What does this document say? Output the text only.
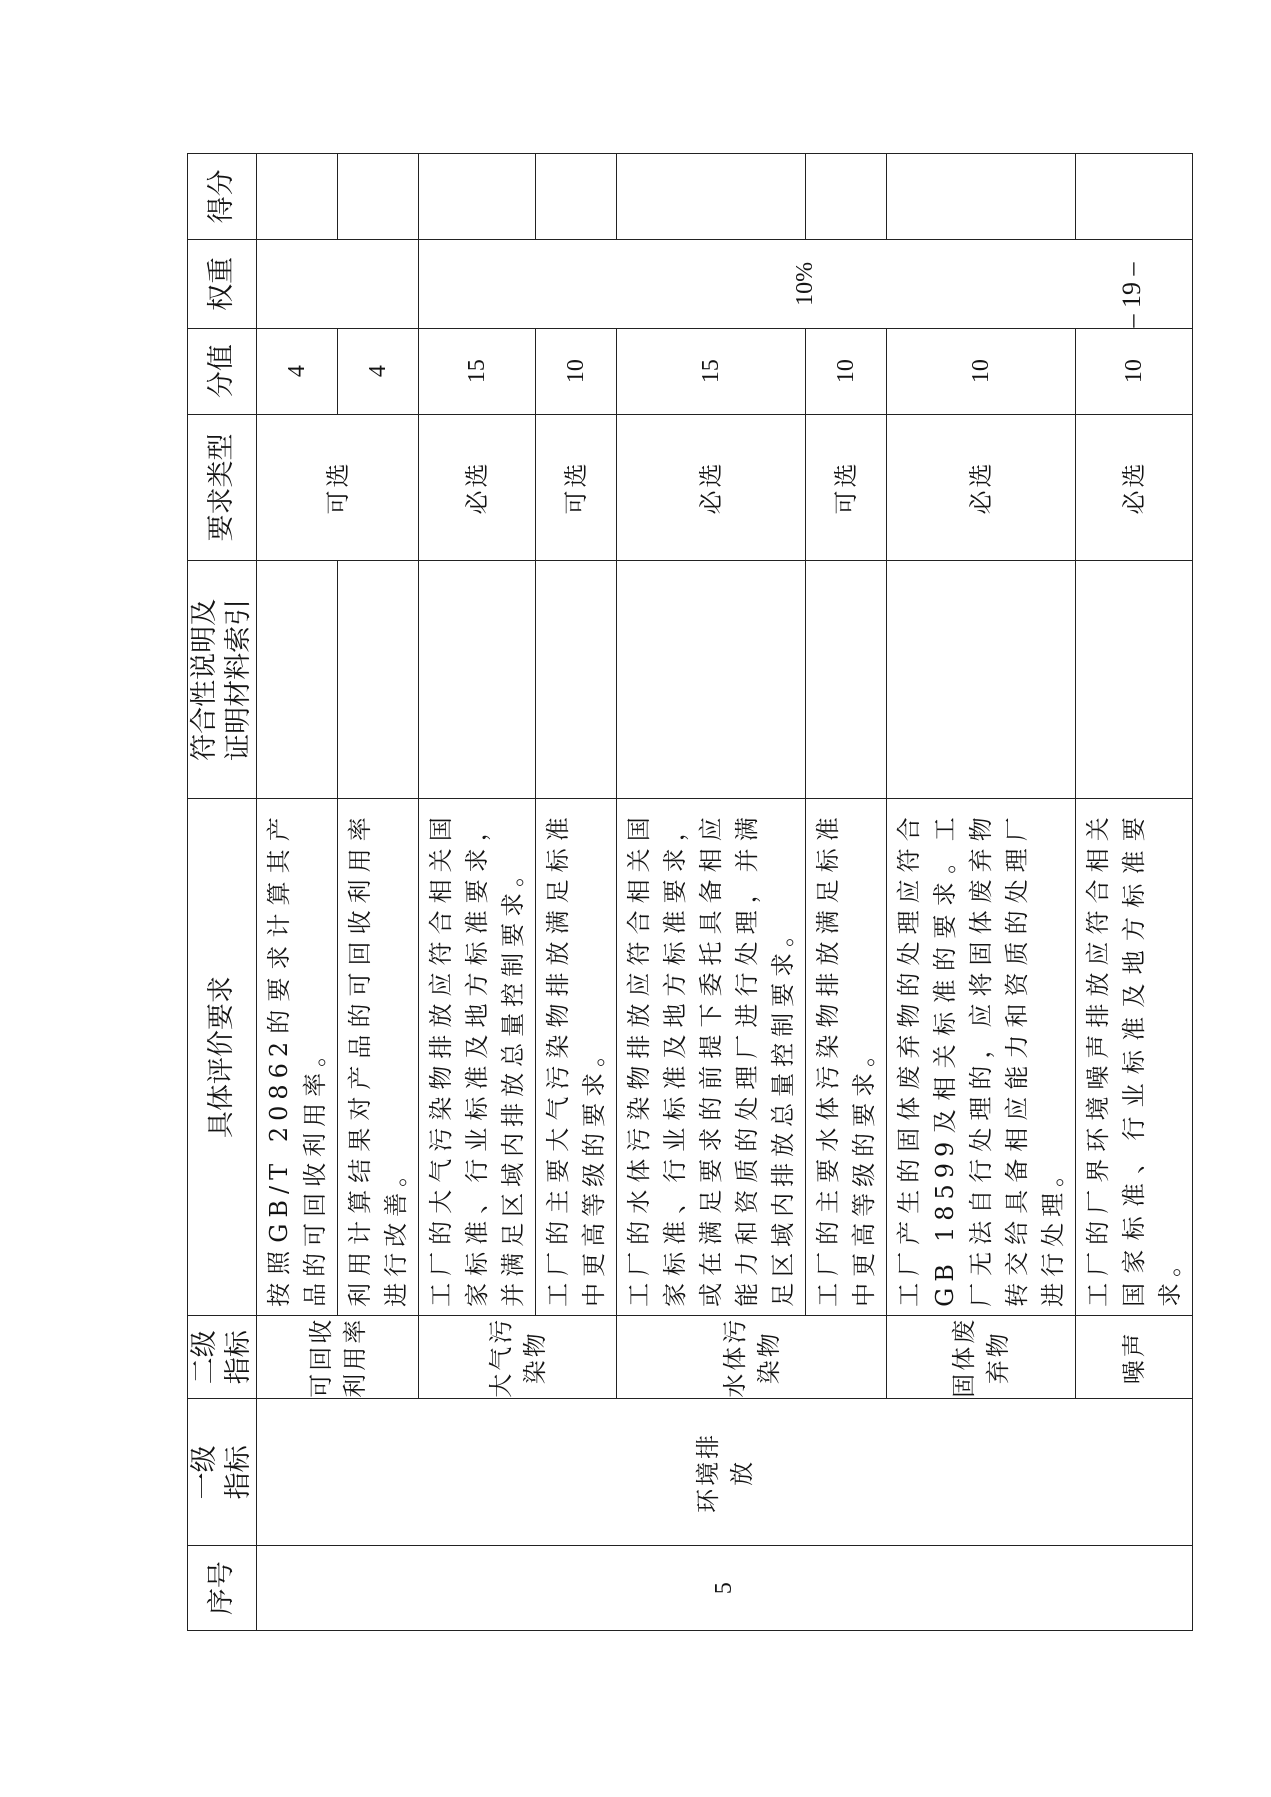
– 19 –
序号	一级 指标	二级 指标	具体评价要求	符合性说明及 证明材料索引	要求类型	分值	权重	得分
5	环境排 放	可回收 利用率	按照GB/T 20862的要求计算其产品的可回收利用率。		可选	4		
			利用计算结果对产品的可回收利用率进行改善。			4		
		大气污 染物	工厂的大气污染物排放应符合相关国家标准、行业标准及地方标准要求，并满足区域内排放总量控制要求。		必选	15	10%	
			工厂的主要大气污染物排放满足标准中更高等级的要求。		可选	10		
		水体污 染物	工厂的水体污染物排放应符合相关国家标准、行业标准及地方标准要求，或在满足要求的前提下委托具备相应能力和资质的处理厂进行处理，并满足区域内排放总量控制要求。		必选	15		
			工厂的主要水体污染物排放满足标准中更高等级的要求。		可选	10		
		固体废 弃物	工厂产生的固体废弃物的处理应符合GB 18599及相关标准的要求。工厂无法自行处理的，应将固体废弃物转交给具备相应能力和资质的处理厂进行处理。		必选	10		
		噪声	工厂的厂界环境噪声排放应符合相关国家标准、行业标准及地方标准要求。		必选	10		
